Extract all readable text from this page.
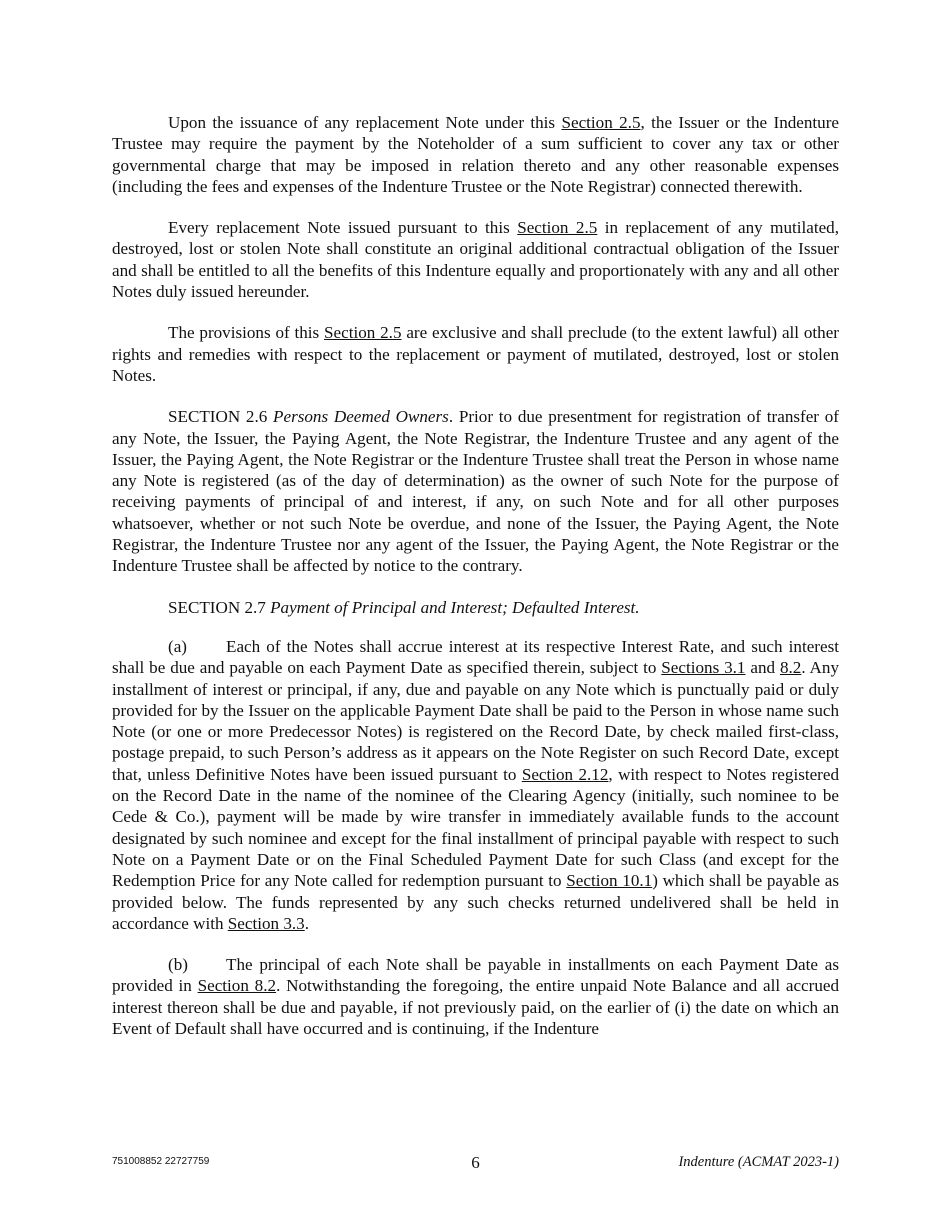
Upon the issuance of any replacement Note under this Section 2.5, the Issuer or the Indenture Trustee may require the payment by the Noteholder of a sum sufficient to cover any tax or other governmental charge that may be imposed in relation thereto and any other reasonable expenses (including the fees and expenses of the Indenture Trustee or the Note Registrar) connected therewith.

Every replacement Note issued pursuant to this Section 2.5 in replacement of any mutilated, destroyed, lost or stolen Note shall constitute an original additional contractual obligation of the Issuer and shall be entitled to all the benefits of this Indenture equally and proportionately with any and all other Notes duly issued hereunder.

The provisions of this Section 2.5 are exclusive and shall preclude (to the extent lawful) all other rights and remedies with respect to the replacement or payment of mutilated, destroyed, lost or stolen Notes.

SECTION 2.6 Persons Deemed Owners. Prior to due presentment for registration of transfer of any Note, the Issuer, the Paying Agent, the Note Registrar, the Indenture Trustee and any agent of the Issuer, the Paying Agent, the Note Registrar or the Indenture Trustee shall treat the Person in whose name any Note is registered (as of the day of determination) as the owner of such Note for the purpose of receiving payments of principal of and interest, if any, on such Note and for all other purposes whatsoever, whether or not such Note be overdue, and none of the Issuer, the Paying Agent, the Note Registrar, the Indenture Trustee nor any agent of the Issuer, the Paying Agent, the Note Registrar or the Indenture Trustee shall be affected by notice to the contrary.

SECTION 2.7 Payment of Principal and Interest; Defaulted Interest.

(a) Each of the Notes shall accrue interest at its respective Interest Rate, and such interest shall be due and payable on each Payment Date as specified therein, subject to Sections 3.1 and 8.2. Any installment of interest or principal, if any, due and payable on any Note which is punctually paid or duly provided for by the Issuer on the applicable Payment Date shall be paid to the Person in whose name such Note (or one or more Predecessor Notes) is registered on the Record Date, by check mailed first-class, postage prepaid, to such Person’s address as it appears on the Note Register on such Record Date, except that, unless Definitive Notes have been issued pursuant to Section 2.12, with respect to Notes registered on the Record Date in the name of the nominee of the Clearing Agency (initially, such nominee to be Cede & Co.), payment will be made by wire transfer in immediately available funds to the account designated by such nominee and except for the final installment of principal payable with respect to such Note on a Payment Date or on the Final Scheduled Payment Date for such Class (and except for the Redemption Price for any Note called for redemption pursuant to Section 10.1) which shall be payable as provided below. The funds represented by any such checks returned undelivered shall be held in accordance with Section 3.3.

(b) The principal of each Note shall be payable in installments on each Payment Date as provided in Section 8.2. Notwithstanding the foregoing, the entire unpaid Note Balance and all accrued interest thereon shall be due and payable, if not previously paid, on the earlier of (i) the date on which an Event of Default shall have occurred and is continuing, if the Indenture

751008852 22727759	6	Indenture (ACMAT 2023-1)
